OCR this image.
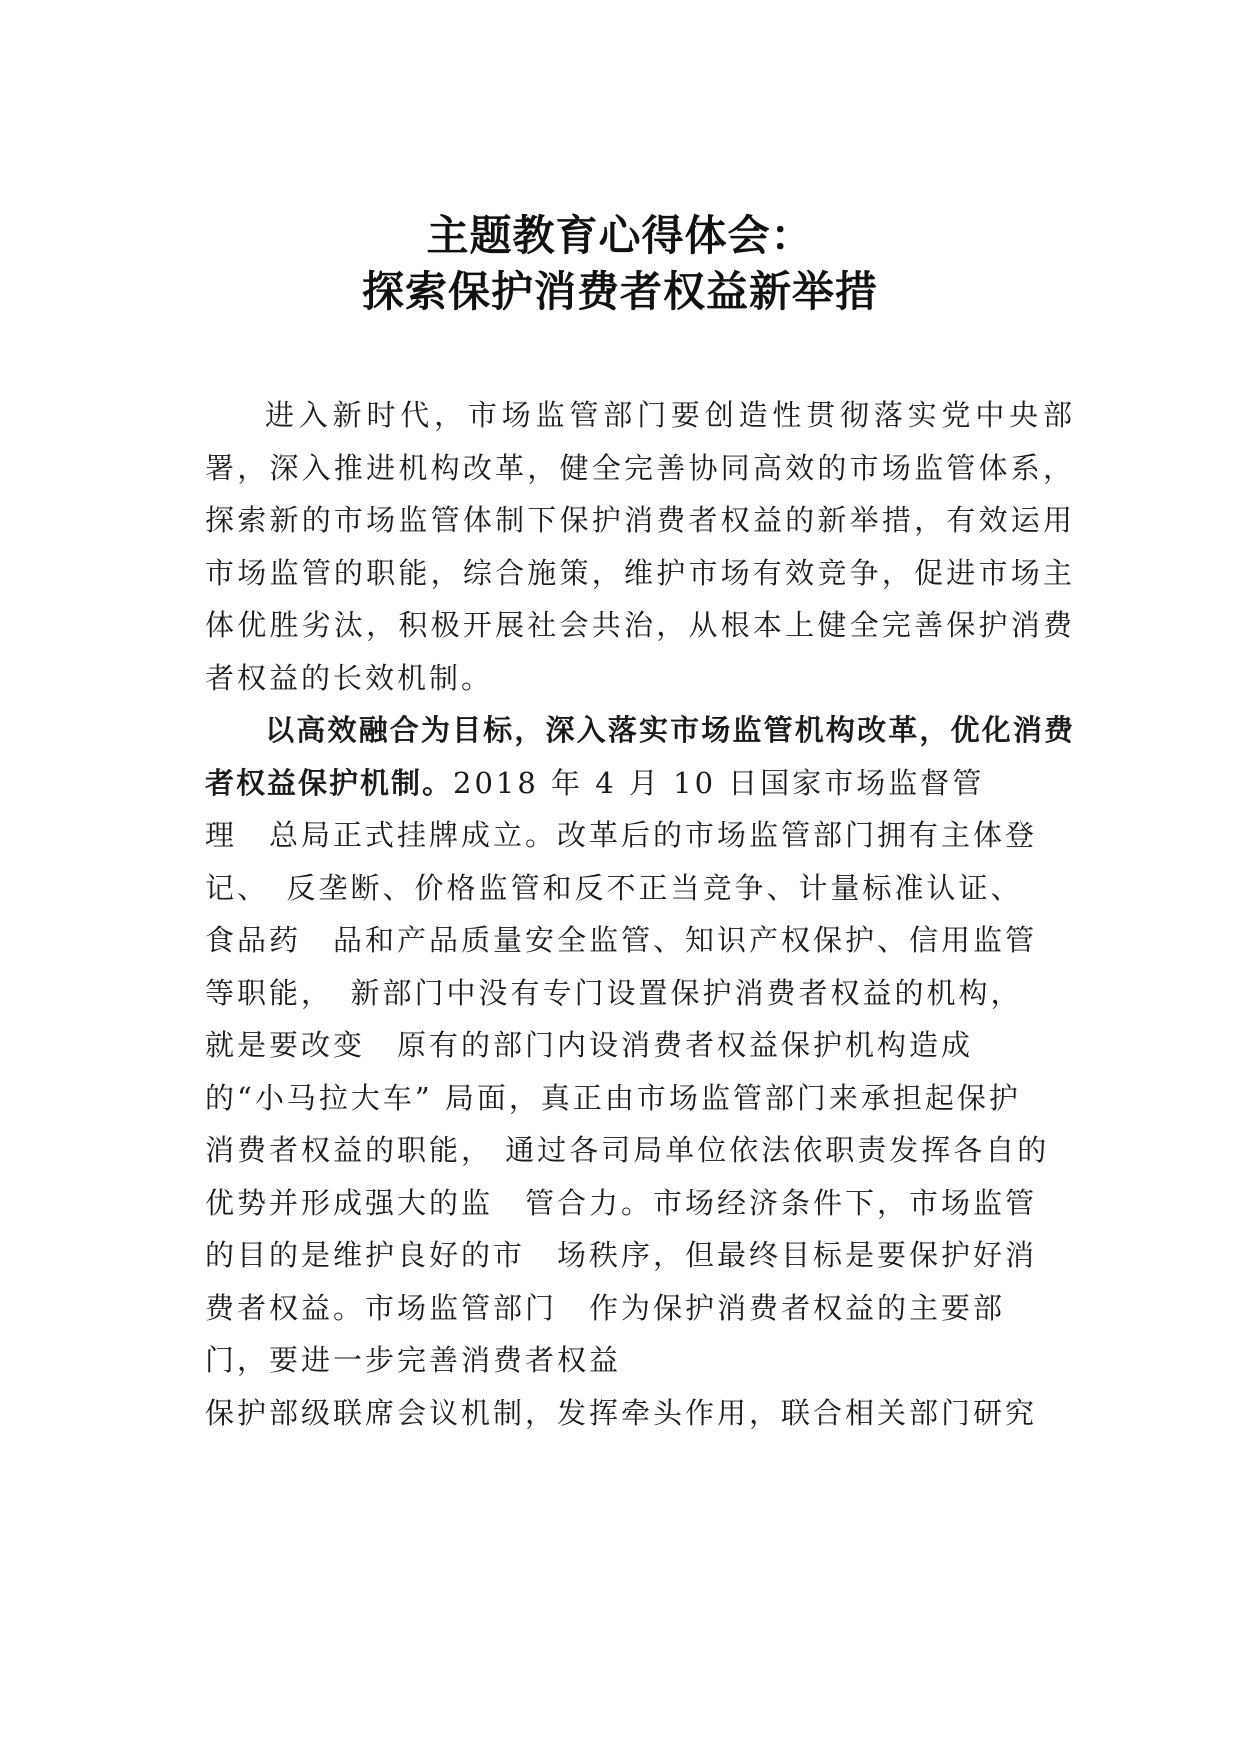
主题教育心得体会：

探索保护消费者权益新举措

进入新时代，市场监管部门要创造性贯彻落实党中央部署，深入推进机构改革，健全完善协同高效的市场监管体系，探索新的市场监管体制下保护消费者权益的新举措，有效运用市场监管的职能，综合施策，维护市场有效竞争，促进市场主体优胜劣汰，积极开展社会共治，从根本上健全完善保护消费者权益的长效机制。

以高效融合为目标，深入落实市场监管机构改革，优化消费者权益保护机制。2018 年 4 月 10 日国家市场监督管
理　总局正式挂牌成立。改革后的市场监管部门拥有主体登
记、　反垄断、价格监管和反不正当竞争、计量标准认证、
食品药　品和产品质量安全监管、知识产权保护、信用监管
等职能，　新部门中没有专门设置保护消费者权益的机构，
就是要改变　原有的部门内设消费者权益保护机构造成
的“小马拉大车” 局面，真正由市场监管部门来承担起保护
消费者权益的职能， 通过各司局单位依法依职责发挥各自的
优势并形成强大的监　管合力。市场经济条件下，市场监管
的目的是维护良好的市　场秩序，但最终目标是要保护好消
费者权益。市场监管部门　作为保护消费者权益的主要部
门，要进一步完善消费者权益
保护部级联席会议机制，发挥牵头作用，联合相关部门研究
